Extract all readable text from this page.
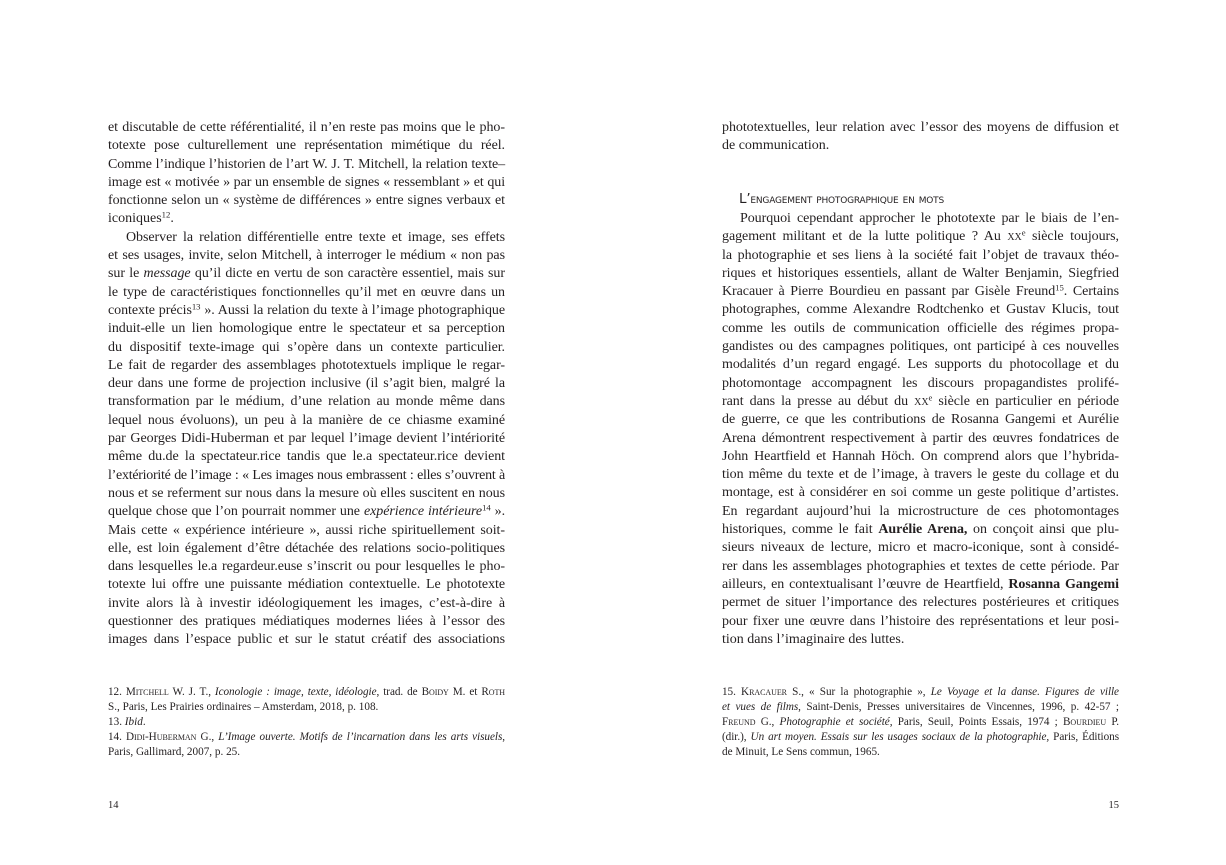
et discutable de cette référentialité, il n’en reste pas moins que le pho-
totexte pose culturellement une représentation mimétique du réel.
Comme l’indique l’historien de l’art W. J. T. Mitchell, la relation texte–
image est « motivée » par un ensemble de signes « ressemblant » et qui
fonctionne selon un « système de différences » entre signes verbaux et
iconiques$^{12}$.
Observer la relation différentielle entre texte et image, ses effets
et ses usages, invite, selon Mitchell, à interroger le médium « non pas
sur le message qu’il dicte en vertu de son caractère essentiel, mais sur
le type de caractéristiques fonctionnelles qu’il met en œuvre dans un
contexte précis$^{13}$ ». Aussi la relation du texte à l’image photographique
induit-elle un lien homologique entre le spectateur et sa perception
du dispositif texte-image qui s’opère dans un contexte particulier.
Le fait de regarder des assemblages phototextuels implique le regar-
deur dans une forme de projection inclusive (il s’agit bien, malgré la
transformation par le médium, d’une relation au monde même dans
lequel nous évoluons), un peu à la manière de ce chiasme examiné
par Georges Didi-Huberman et par lequel l’image devient l’intériorité
même du.de la spectateur.rice tandis que le.a spectateur.rice devient
l’extériorité de l’image : « Les images nous embrassent : elles s’ouvrent à
nous et se referment sur nous dans la mesure où elles suscitent en nous
quelque chose que l’on pourrait nommer une expérience intérieure$^{14}$ ».
Mais cette « expérience intérieure », aussi riche spirituellement soit-
elle, est loin également d’être détachée des relations socio-politiques
dans lesquelles le.a regardeur.euse s’inscrit ou pour lesquelles le pho-
totexte lui offre une puissante médiation contextuelle. Le phototexte
invite alors là à investir idéologiquement les images, c’est-à-dire à
questionner des pratiques médiatiques modernes liées à l’essor des
images dans l’espace public et sur le statut créatif des associations
12. Mitchell W. J. T., Iconologie : image, texte, idéologie, trad. de Boidy M. et Roth
S., Paris, Les Prairies ordinaires – Amsterdam, 2018, p. 108.
13. Ibid.
14. Didi-Huberman G., L’Image ouverte. Motifs de l’incarnation dans les arts visuels,
Paris, Gallimard, 2007, p. 25.
14
phototextuelles, leur relation avec l’essor des moyens de diffusion et
de communication.
L’engagement photographique en mots
Pourquoi cependant approcher le phototexte par le biais de l’en-
gagement militant et de la lutte politique ? Au $xx^e$ siècle toujours,
la photographie et ses liens à la société fait l’objet de travaux théo-
riques et historiques essentiels, allant de Walter Benjamin, Siegfried
Kracauer à Pierre Bourdieu en passant par Gisèle Freund$^{15}$. Certains
photographes, comme Alexandre Rodtchenko et Gustav Klucis, tout
comme les outils de communication officielle des régimes propa-
gandistes ou des campagnes politiques, ont participé à ces nouvelles
modalités d’un regard engagé. Les supports du photocollage et du
photomontage accompagnent les discours propagandistes prolifé-
rant dans la presse au début du $xx^e$ siècle en particulier en période
de guerre, ce que les contributions de Rosanna Gangemi et Aurélie
Arena démontrent respectivement à partir des œuvres fondatrices de
John Heartfield et Hannah Höch. On comprend alors que l’hybrida-
tion même du texte et de l’image, à travers le geste du collage et du
montage, est à considérer en soi comme un geste politique d’artistes.
En regardant aujourd’hui la microstructure de ces photomontages
historiques, comme le fait Aurélie Arena, on conçoit ainsi que plu-
sieurs niveaux de lecture, micro et macro-iconique, sont à considé-
rer dans les assemblages photographies et textes de cette période. Par
ailleurs, en contextualisant l’œuvre de Heartfield, Rosanna Gangemi
permet de situer l’importance des relectures postérieures et critiques
pour fixer une œuvre dans l’histoire des représentations et leur posi-
tion dans l’imaginaire des luttes.
15. Kracauer S., « Sur la photographie », Le Voyage et la danse. Figures de ville
et vues de films, Saint-Denis, Presses universitaires de Vincennes, 1996, p. 42-57 ;
Freund G., Photographie et société, Paris, Seuil, Points Essais, 1974 ; Bourdieu P.
(dir.), Un art moyen. Essais sur les usages sociaux de la photographie, Paris, Éditions
de Minuit, Le Sens commun, 1965.
15
